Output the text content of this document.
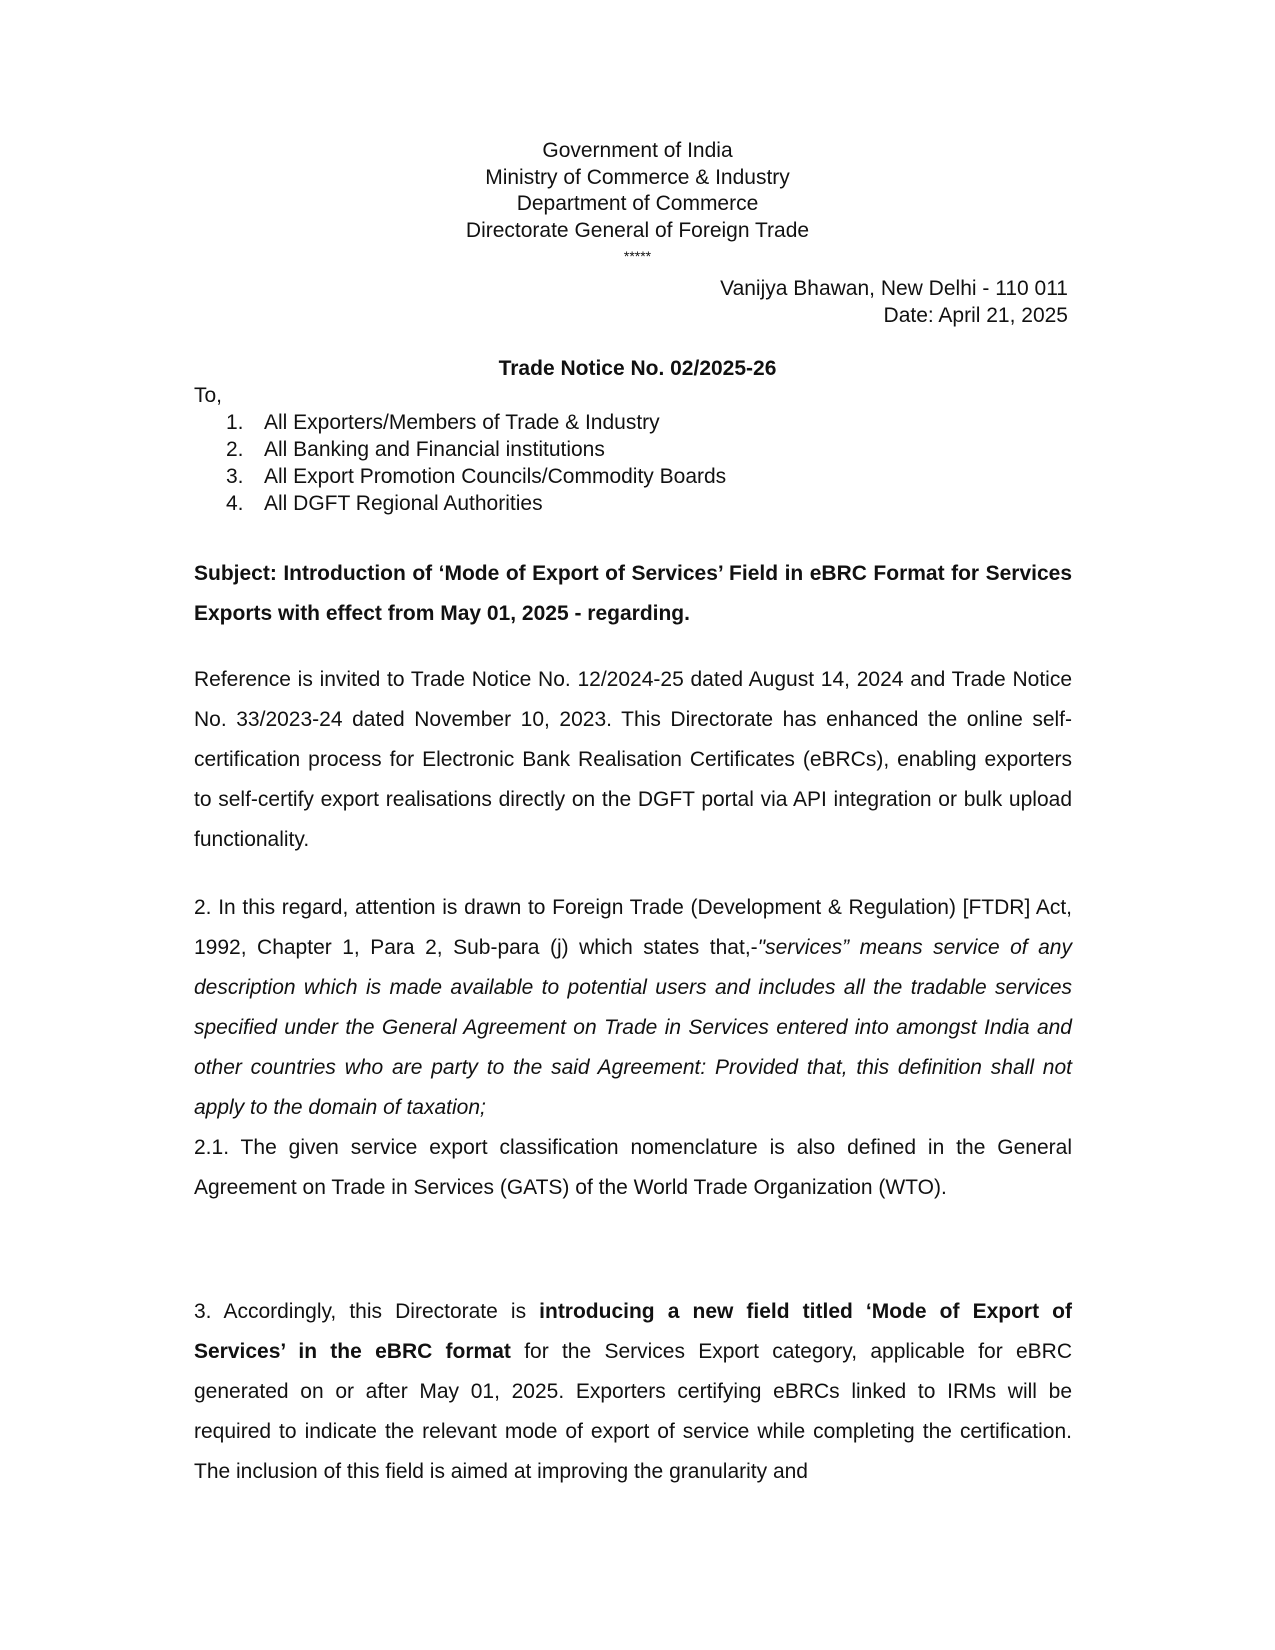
Government of India
Ministry of Commerce & Industry
Department of Commerce
Directorate General of Foreign Trade
*****
Vanijya Bhawan, New Delhi - 110 011
Date: April 21, 2025
Trade Notice No. 02/2025-26
To,
1. All Exporters/Members of Trade & Industry
2. All Banking and Financial institutions
3. All Export Promotion Councils/Commodity Boards
4. All DGFT Regional Authorities
Subject: Introduction of ‘Mode of Export of Services’ Field in eBRC Format for Services Exports with effect from May 01, 2025 - regarding.
Reference is invited to Trade Notice No. 12/2024-25 dated August 14, 2024 and Trade Notice No. 33/2023-24 dated November 10, 2023. This Directorate has enhanced the online self-certification process for Electronic Bank Realisation Certificates (eBRCs), enabling exporters to self-certify export realisations directly on the DGFT portal via API integration or bulk upload functionality.
2. In this regard, attention is drawn to Foreign Trade (Development & Regulation) [FTDR] Act, 1992, Chapter 1, Para 2, Sub-para (j) which states that,-"services” means service of any description which is made available to potential users and includes all the tradable services specified under the General Agreement on Trade in Services entered into amongst India and other countries who are party to the said Agreement: Provided that, this definition shall not apply to the domain of taxation;
2.1. The given service export classification nomenclature is also defined in the General Agreement on Trade in Services (GATS) of the World Trade Organization (WTO).
3. Accordingly, this Directorate is introducing a new field titled ‘Mode of Export of Services’ in the eBRC format for the Services Export category, applicable for eBRC generated on or after May 01, 2025. Exporters certifying eBRCs linked to IRMs will be required to indicate the relevant mode of export of service while completing the certification. The inclusion of this field is aimed at improving the granularity and
